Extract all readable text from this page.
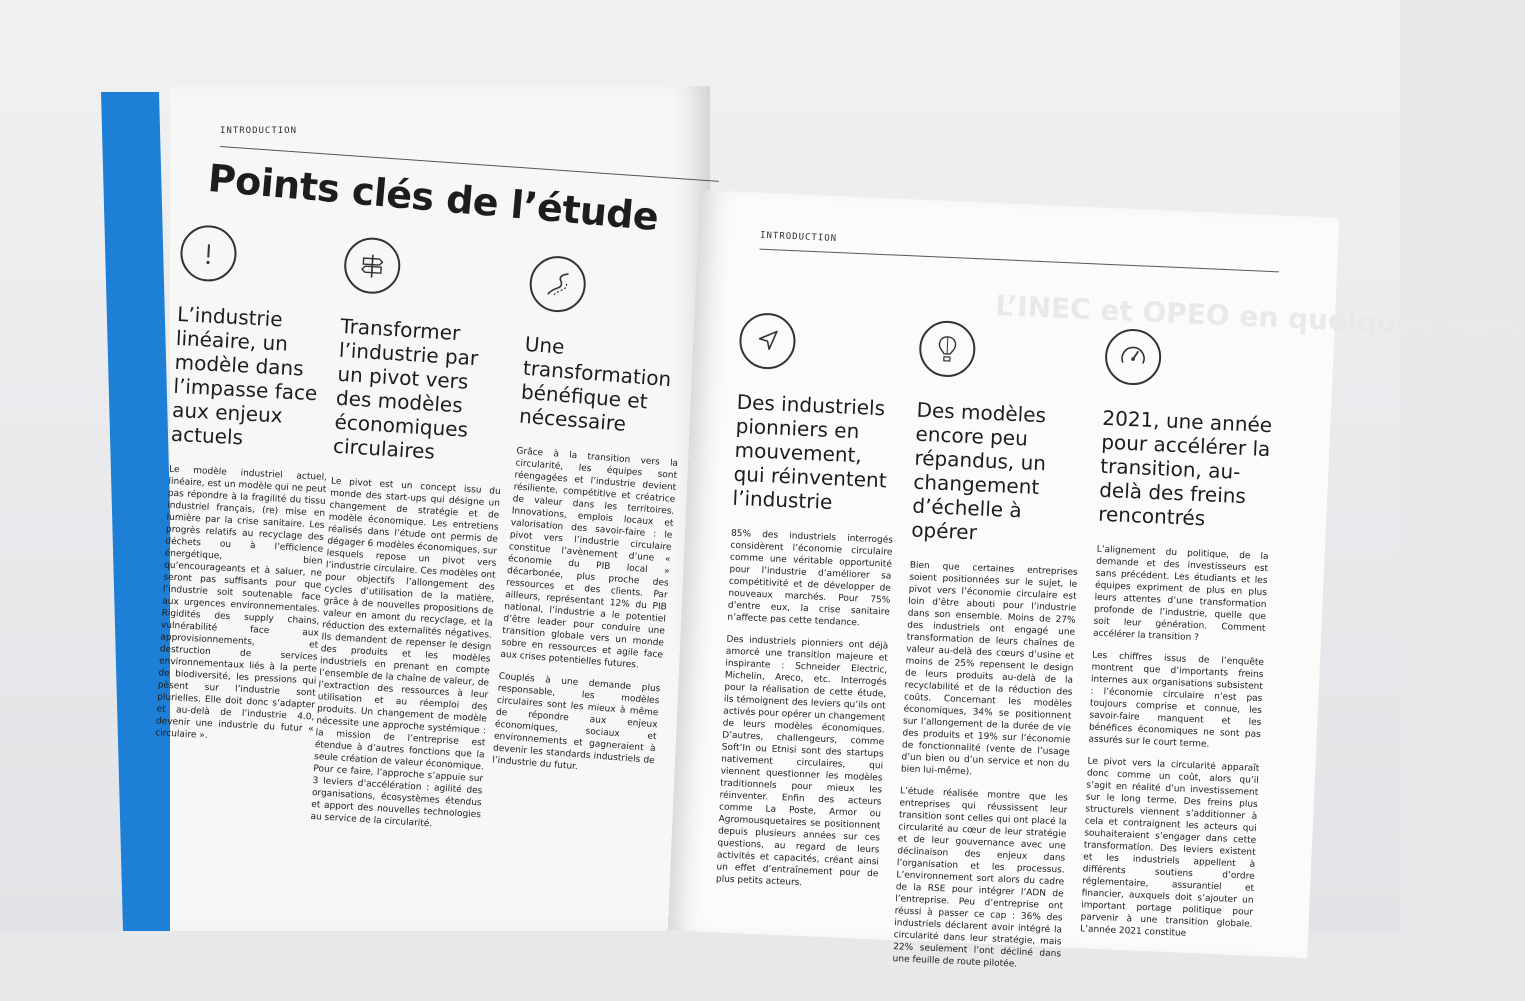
INTRODUCTION
Points clés de l’étude
L’industrie linéaire, un modèle dans l’impasse face aux enjeux actuels

Le modèle industriel actuel, linéaire, est un modèle qui ne peut pas répondre à la fragilité du tissu industriel français, (re) mise en lumière par la crise sanitaire. Les progrès relatifs au recyclage des déchets ou à l’efficience énergétique, bien qu’encourageants et à saluer, ne seront pas suffisants pour que l’industrie soit soutenable face aux urgences environnementales. Rigidités des supply chains, vulnérabilité face aux approvisionnements, et destruction de services environnementaux liés à la perte de biodiversité, les pressions qui pèsent sur l’industrie sont plurielles. Elle doit donc s’adapter et au-delà de l’industrie 4.0, devenir une industrie du futur « circulaire ».

Transformer l’industrie par un pivot vers des modèles économiques circulaires

Le pivot est un concept issu du monde des start-ups qui désigne un changement de stratégie et de modèle économique. Les entretiens réalisés dans l’étude ont permis de dégager 6 modèles économiques, sur lesquels repose un pivot vers l’industrie circulaire. Ces modèles ont pour objectifs l’allongement des cycles d’utilisation de la matière, grâce à de nouvelles propositions de valeur en amont du recyclage, et la réduction des externalités négatives. Ils demandent de repenser le design des produits et les modèles industriels en prenant en compte l’ensemble de la chaîne de valeur, de l’extraction des ressources à leur utilisation et au réemploi des produits. Un changement de modèle nécessite une approche systémique : la mission de l’entreprise est étendue à d’autres fonctions que la seule création de valeur économique. Pour ce faire, l’approche s’appuie sur 3 leviers d’accélération : agilité des organisations, écosystèmes étendus et apport des nouvelles technologies au service de la circularité.

Une transformation bénéfique et nécessaire

Grâce à la transition vers la circularité, les équipes sont réengagées et l’industrie devient résiliente, compétitive et créatrice de valeur dans les territoires. Innovations, emplois locaux et valorisation des savoir-faire : le pivot vers l’industrie circulaire constitue l’avènement d’une « économie du PIB local » décarbonée, plus proche des ressources et des clients. Par ailleurs, représentant 12% du PIB national, l’industrie a le potentiel d’être leader pour conduire une transition globale vers un monde sobre en ressources et agile face aux crises potentielles futures.

Couplés à une demande plus responsable, les modèles circulaires sont les mieux à même de répondre aux enjeux économiques, sociaux et environnements et gagneraient à devenir les standards industriels de l’industrie du futur.

INTRODUCTION
L’INEC et OPEO en quelques mots
Des industriels pionniers en mouvement, qui réinventent l’industrie

85% des industriels interrogés considèrent l’économie circulaire comme une véritable opportunité pour l’industrie d’améliorer sa compétitivité et de développer de nouveaux marchés. Pour 75% d’entre eux, la crise sanitaire n’affecte pas cette tendance.

Des industriels pionniers ont déjà amorcé une transition majeure et inspirante : Schneider Electric, Michelin, Areco, etc. Interrogés pour la réalisation de cette étude, ils témoignent des leviers qu’ils ont activés pour opérer un changement de leurs modèles économiques. D’autres, challengeurs, comme Soft’In ou Etnisi sont des startups nativement circulaires, qui viennent questionner les modèles traditionnels pour mieux les réinventer. Enfin des acteurs comme La Poste, Armor ou Agromousquetaires se positionnent depuis plusieurs années sur ces questions, au regard de leurs activités et capacités, créant ainsi un effet d’entraînement pour de plus petits acteurs.

Des modèles encore peu répandus, un changement d’échelle à opérer

Bien que certaines entreprises soient positionnées sur le sujet, le pivot vers l’économie circulaire est loin d’être abouti pour l’industrie dans son ensemble. Moins de 27% des industriels ont engagé une transformation de leurs chaînes de valeur au-delà des cœurs d’usine et moins de 25% repensent le design de leurs produits au-delà de la recyclabilité et de la réduction des coûts. Concernant les modèles économiques, 34% se positionnent sur l’allongement de la durée de vie des produits et 19% sur l’économie de fonctionnalité (vente de l’usage d’un bien ou d’un service et non du bien lui-même).

L’étude réalisée montre que les entreprises qui réussissent leur transition sont celles qui ont placé la circularité au cœur de leur stratégie et de leur gouvernance avec une déclinaison des enjeux dans l’organisation et les processus. L’environnement sort alors du cadre de la RSE pour intégrer l’ADN de l’entreprise. Peu d’entreprise ont réussi à passer ce cap : 36% des industriels déclarent avoir intégré la circularité dans leur stratégie, mais 22% seulement l’ont décliné dans une feuille de route pilotée.

2021, une année pour accélérer la transition, au-delà des freins rencontrés

L’alignement du politique, de la demande et des investisseurs est sans précédent. Les étudiants et les équipes expriment de plus en plus leurs attentes d’une transformation profonde de l’industrie, quelle que soit leur génération. Comment accélérer la transition ?

Les chiffres issus de l’enquête montrent que d’importants freins internes aux organisations subsistent : l’économie circulaire n’est pas toujours comprise et connue, les savoir-faire manquent et les bénéfices économiques ne sont pas assurés sur le court terme.

Le pivot vers la circularité apparaît donc comme un coût, alors qu’il s’agit en réalité d’un investissement sur le long terme. Des freins plus structurels viennent s’additionner à cela et contraignent les acteurs qui souhaiteraient s’engager dans cette transformation. Des leviers existent et les industriels appellent à différents soutiens d’ordre réglementaire, assurantiel et financier, auxquels doit s’ajouter un important portage politique pour parvenir à une transition globale. L’année 2021 constitue
